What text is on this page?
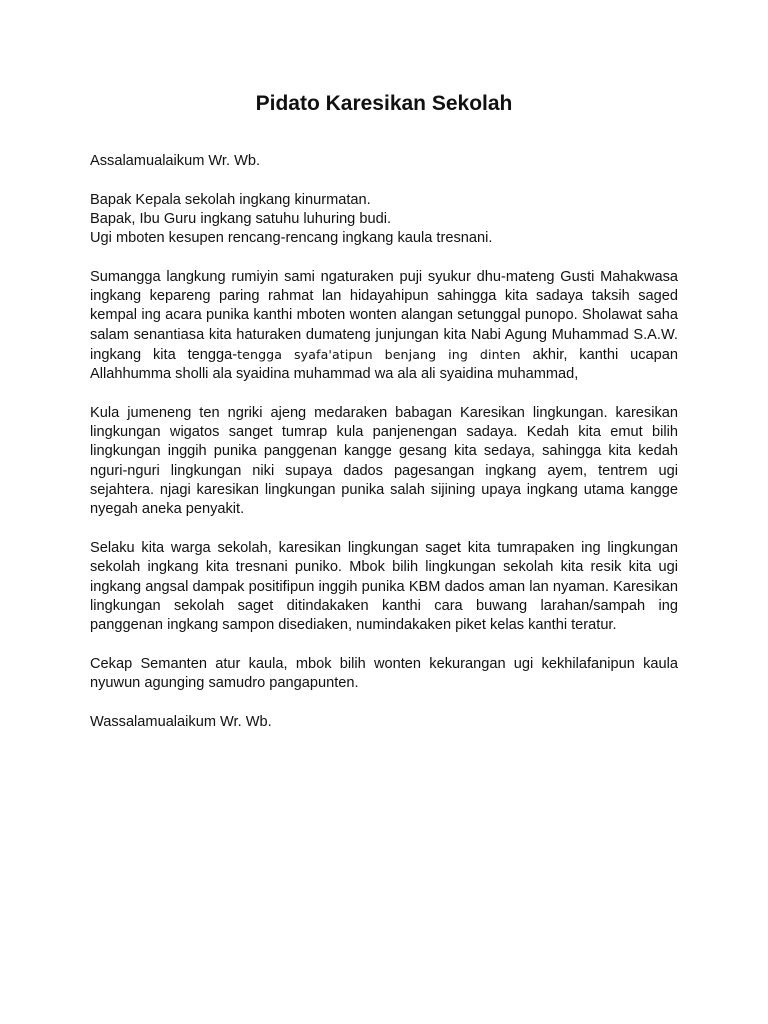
Pidato Karesikan Sekolah

Assalamualaikum Wr. Wb.

Bapak Kepala sekolah ingkang kinurmatan.
Bapak, Ibu Guru ingkang satuhu luhuring budi.
Ugi mboten kesupen rencang-rencang ingkang kaula tresnani.

Sumangga langkung rumiyin sami ngaturaken puji syukur dhu-mateng Gusti Mahakwasa ingkang kepareng paring rahmat lan hidayahipun sahingga kita sadaya taksih saged kempal ing acara punika kanthi mboten wonten alangan setunggal punopo. Sholawat saha salam senantiasa kita haturaken dumateng junjungan kita Nabi Agung Muhammad S.A.W. ingkang kita tengga-tengga syafa'atipun benjang ing dinten akhir, kanthi ucapan Allahhumma sholli ala syaidina muhammad wa ala ali syaidina muhammad,

Kula jumeneng ten ngriki ajeng medaraken babagan Karesikan lingkungan. karesikan lingkungan wigatos sanget tumrap kula panjenengan sadaya. Kedah kita emut bilih lingkungan inggih punika panggenan kangge gesang kita sedaya, sahingga kita kedah nguri-nguri lingkungan niki supaya dados pagesangan ingkang ayem, tentrem ugi sejahtera. njagi karesikan lingkungan punika salah sijining upaya ingkang utama kangge nyegah aneka penyakit.

Selaku kita warga sekolah, karesikan lingkungan saget kita tumrapaken ing lingkungan sekolah ingkang kita tresnani puniko. Mbok bilih lingkungan sekolah kita resik kita ugi ingkang angsal dampak positifipun inggih punika KBM dados aman lan nyaman. Karesikan lingkungan sekolah saget ditindakaken kanthi cara buwang larahan/sampah ing panggenan ingkang sampon disediaken, numindakaken piket kelas kanthi teratur.

Cekap Semanten atur kaula, mbok bilih wonten kekurangan ugi kekhilafanipun kaula nyuwun agunging samudro pangapunten.

Wassalamualaikum Wr. Wb.
